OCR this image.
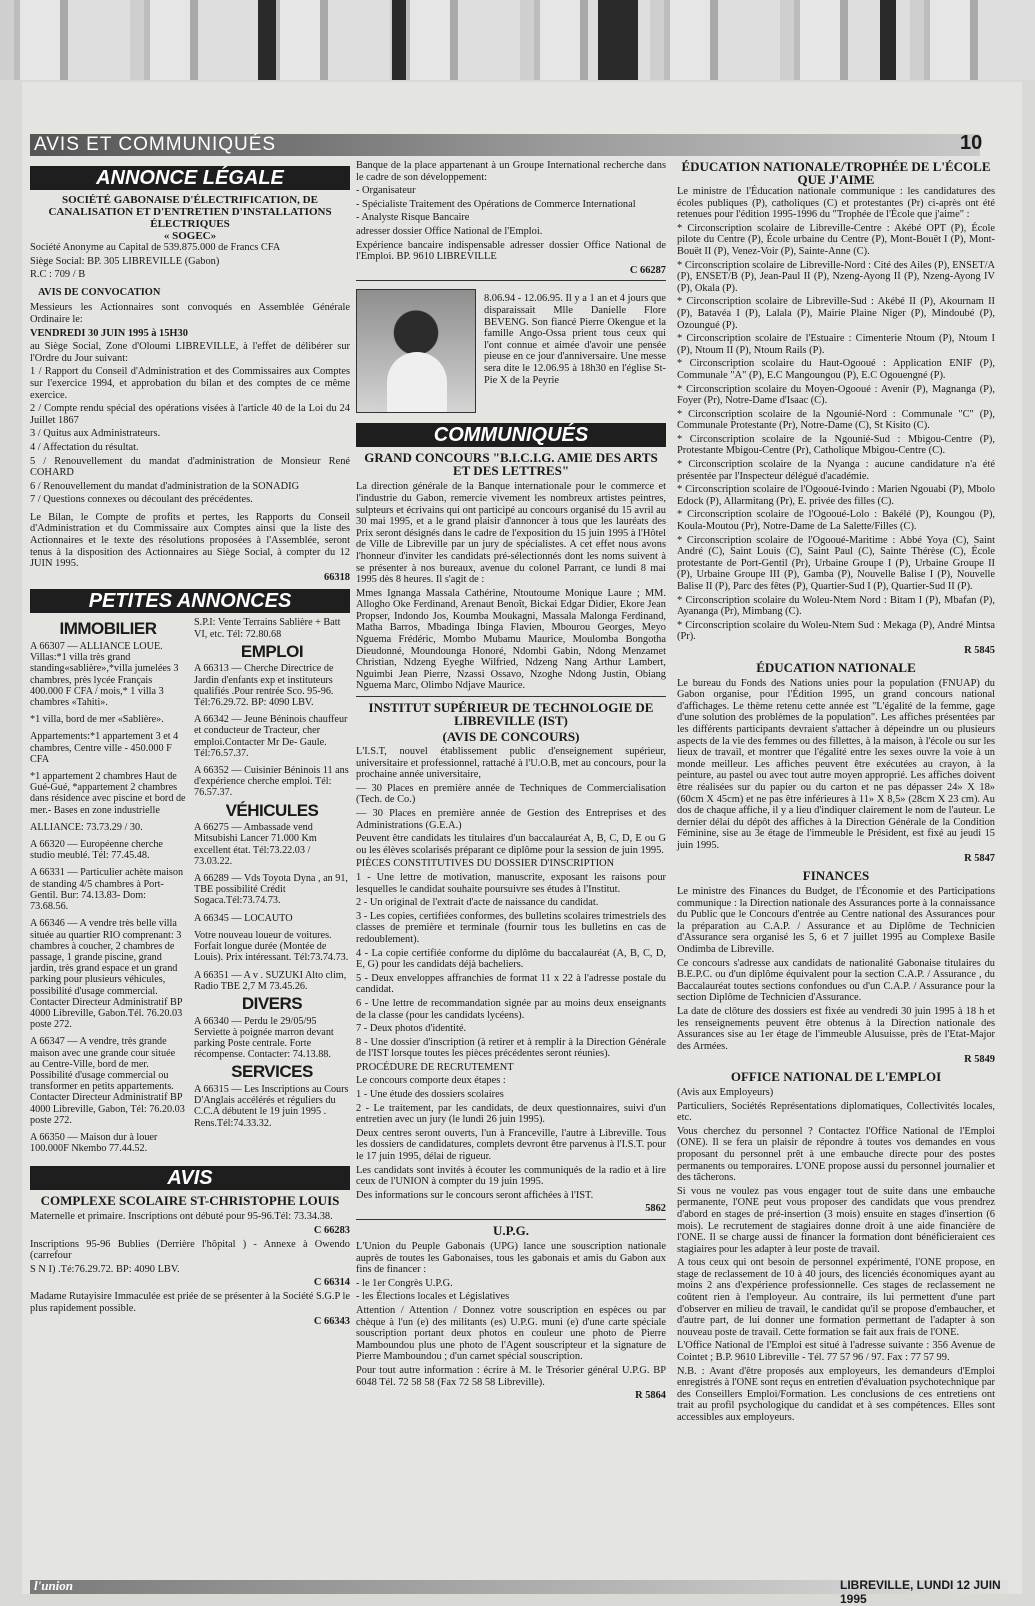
AVIS ET COMMUNIQUÉS	10
ANNONCE LÉGALE
SOCIÉTÉ GABONAISE D'ÉLECTRIFICATION, DE CANALISATION ET D'ENTRETIEN D'INSTALLATIONS ÉLECTRIQUES
« SOGEC»

Société Anonyme au Capital de 539.875.000 de Francs CFA

Siège Social: BP. 305 LIBREVILLE (Gabon)

R.C : 709 / B

AVIS DE CONVOCATION

Messieurs les Actionnaires sont convoqués en Assemblée Générale Ordinaire le:

VENDREDI 30 JUIN 1995 à 15H30

au Siège Social, Zone d'Oloumi LIBREVILLE, à l'effet de délibérer sur l'Ordre du Jour suivant:

1 / Rapport du Conseil d'Administration et des Commissaires aux Comptes sur l'exercice 1994, et approbation du bilan et des comptes de ce même exercice.

2 / Compte rendu spécial des opérations visées à l'article 40 de la Loi du 24 Juillet 1867

3 / Quitus aux Administrateurs.

4 / Affectation du résultat.

5 / Renouvellement du mandat d'administration de Monsieur René COHARD

6 / Renouvellement du mandat d'administration de la SONADIG

7 / Questions connexes ou découlant des précédentes.

Le Bilan, le Compte de profits et pertes, les Rapports du Conseil d'Administration et du Commissaire aux Comptes ainsi que la liste des Actionnaires et le texte des résolutions proposées à l'Assemblée, seront tenus à la disposition des Actionnaires au Siège Social, à compter du 12 JUIN 1995.

66318

PETITES ANNONCES
IMMOBILIER
A 66307 — ALLIANCE LOUE. Villas:*1 villa très grand standing«sablière»,*villa jumelées 3 chambres, près lycée Français 400.000 F CFA / mois,* 1 villa 3 chambres «Tahiti».
*1 villa, bord de mer «Sablière».
Appartements:*1 appartement 3 et 4 chambres, Centre ville - 450.000 F CFA
*1 appartement 2 chambres Haut de Gué-Gué, *appartement 2 chambres dans résidence avec piscine et bord de mer.- Bases en zone industrielle
ALLIANCE: 73.73.29 / 30.
A 66320 — Européenne cherche studio meublé. Tél: 77.45.48.
A 66331 — Particulier achète maison de standing 4/5 chambres à Port- Gentil. Bur: 74.13.83- Dom: 73.68.56.
A 66346 — A vendre très belle villa située au quartier RIO comprenant: 3 chambres à coucher, 2 chambres de passage, 1 grande piscine, grand jardin, très grand espace et un grand parking pour plusieurs véhicules, possibilité d'usage commercial. Contacter Directeur Administratif BP 4000 Libreville, Gabon.Tél. 76.20.03 poste 272.
A 66347 — A vendre, très grande maison avec une grande cour située au Centre-Ville, bord de mer. Possibilité d'usage commercial ou transformer en petits appartements. Contacter Directeur Administratif BP 4000 Libreville, Gabon, Tél: 76.20.03 poste 272.
A 66350 — Maison dur à louer 100.000F Nkembo 77.44.52.
S.P.I: Vente Terrains Sablière + Batt VI, etc. Tél: 72.80.68
EMPLOI
A 66313 — Cherche Directrice de Jardin d'enfants exp et instituteurs qualifiés .Pour rentrée Sco. 95-96. Tél:76.29.72. BP: 4090 LBV.
A 66342 — Jeune Béninois chauffeur et conducteur de Tracteur, cher emploi.Contacter Mr De- Gaule. Tél:76.57.37.
A 66352 — Cuisinier Béninois 11 ans d'expérience cherche emploi. Tél: 76.57.37.
VÉHICULES
A 66275 — Ambassade vend Mitsubishi Lancer 71.000 Km excellent état. Tél:73.22.03 / 73.03.22.
A 66289 — Vds Toyota Dyna , an 91, TBE possibilité Crédit Sogaca.Tél:73.74.73.
A 66345 — LOCAUTO
Votre nouveau loueur de voitures. Forfait longue durée (Montée de Louis). Prix intéressant. Tél:73.74.73.
A 66351 — A v . SUZUKI Alto clim, Radio TBE 2,7 M 73.45.26.
DIVERS
A 66340 — Perdu le 29/05/95 Serviette à poignée marron devant parking Poste centrale. Forte récompense. Contacter: 74.13.88.
SERVICES
A 66315 — Les Inscriptions au Cours D'Anglais accélérés et réguliers du C.C.A débutent le 19 juin 1995 . Rens.Tél:74.33.32.
AVIS
COMPLEXE SCOLAIRE ST-CHRISTOPHE LOUIS

Maternelle et primaire. Inscriptions ont débuté pour 95-96.Tél: 73.34.38.

C 66283

Inscriptions 95-96 Bublies (Derrière l'hôpital ) - Annexe à Owendo (carrefour

S N I) .Té:76.29.72. BP: 4090 LBV.

C 66314

Madame Rutayisire Immaculée est priée de se présenter à la Société S.G.P le plus rapidement possible.

C 66343

Banque de la place appartenant à un Groupe International recherche dans le cadre de son développement:

- Organisateur

- Spécialiste Traitement des Opérations de Commerce International

- Analyste Risque Bancaire

adresser dossier Office National de l'Emploi.

Expérience bancaire indispensable adresser dossier Office National de l'Emploi. BP. 9610 LIBREVILLE

C 66287

8.06.94 - 12.06.95. Il y a 1 an et 4 jours que disparaissait Mlle Danielle Flore BEVENG. Son fiancé Pierre Okengue et la famille Ango-Ossa prient tous ceux qui l'ont connue et aimée d'avoir une pensée pieuse en ce jour d'anniversaire. Une messe sera dite le 12.06.95 à 18h30 en l'église St-Pie X de la Peyrie

COMMUNIQUÉS
GRAND CONCOURS "B.I.C.I.G. AMIE DES ARTS ET DES LETTRES"

La direction générale de la Banque internationale pour le commerce et l'industrie du Gabon, remercie vivement les nombreux artistes peintres, sulpteurs et écrivains qui ont participé au concours organisé du 15 avril au 30 mai 1995, et a le grand plaisir d'annoncer à tous que les lauréats des Prix seront désignés dans le cadre de l'exposition du 15 juin 1995 à l'Hôtel de Ville de Libreville par un jury de spécialistes. A cet effet nous avons l'honneur d'inviter les candidats pré-sélectionnés dont les noms suivent à se présenter à nos bureaux, avenue du colonel Parrant, ce lundi 8 mai 1995 dès 8 heures. Il s'agit de :

Mmes Ignanga Massala Cathérine, Ntoutoume Monique Laure ; MM. Allogho Oke Ferdinand, Arenaut Benoît, Bickai Edgar Didier, Ekore Jean Propser, Indondo Jos, Koumba Moukagni, Massala Malonga Ferdinand, Matha Barros, Mbadinga Ibinga Flavien, Mbourou Georges, Meyo Nguema Frédéric, Mombo Mubamu Maurice, Moulomba Bongotha Dieudonné, Moundounga Honoré, Ndombi Gabin, Ndong Menzamet Christian, Ndzeng Eyeghe Wilfried, Ndzeng Nang Arthur Lambert, Nguimbi Jean Pierre, Nzassi Ossavo, Nzoghe Ndong Justin, Obiang Nguema Marc, Olimbo Ndjave Maurice.

INSTITUT SUPÉRIEUR DE TECHNOLOGIE DE LIBREVILLE (IST)
(AVIS DE CONCOURS)

L'I.S.T, nouvel établissement public d'enseignement supérieur, universitaire et professionnel, rattaché à l'U.O.B, met au concours, pour la prochaine année universitaire,

— 30 Places en première année de Techniques de Commercialisation (Tech. de Co.)

— 30 Places en première année de Gestion des Entreprises et des Administrations (G.E.A.)

Peuvent être candidats les titulaires d'un baccalauréat A, B, C, D, E ou G ou les élèves scolarisés préparant ce diplôme pour la session de juin 1995.

PIÈCES CONSTITUTIVES DU DOSSIER D'INSCRIPTION

1 - Une lettre de motivation, manuscrite, exposant les raisons pour lesquelles le candidat souhaite poursuivre ses études à l'Institut.

2 - Un original de l'extrait d'acte de naissance du candidat.

3 - Les copies, certifiées conformes, des bulletins scolaires trimestriels des classes de première et terminale (fournir tous les bulletins en cas de redoublement).

4 - La copie certifiée conforme du diplôme du baccalauréat (A, B, C, D, E, G) pour les candidats déjà bacheliers.

5 - Deux enveloppes affranchies de format 11 x 22 à l'adresse postale du candidat.

6 - Une lettre de recommandation signée par au moins deux enseignants de la classe (pour les candidats lycéens).

7 - Deux photos d'identité.

8 - Une dossier d'inscription (à retirer et à remplir à la Direction Générale de l'IST lorsque toutes les pièces précédentes seront réunies).

PROCÉDURE DE RECRUTEMENT

Le concours comporte deux étapes :

1 - Une étude des dossiers scolaires

2 - Le traitement, par les candidats, de deux questionnaires, suivi d'un entretien avec un jury (le lundi 26 juin 1995).

Deux centres seront ouverts, l'un à Franceville, l'autre à Libreville. Tous les dossiers de candidatures, complets devront être parvenus à l'I.S.T. pour le 17 juin 1995, délai de rigueur.

Les candidats sont invités à écouter les communiqués de la radio et à lire ceux de l'UNION à compter du 19 juin 1995.

Des informations sur le concours seront affichées à l'IST.

5862

U.P.G.

L'Union du Peuple Gabonais (UPG) lance une souscription nationale auprès de toutes les Gabonaises, tous les gabonais et amis du Gabon aux fins de financer :

- le 1er Congrès U.P.G.

- les Élections locales et Législatives

Attention / Attention / Donnez votre souscription en espèces ou par chèque à l'un (e) des militants (es) U.P.G. muni (e) d'une carte spéciale souscription portant deux photos en couleur une photo de Pierre Mamboundou plus une photo de l'Agent souscripteur et la signature de Pierre Mamboundou ; d'un carnet spécial souscription.

Pour tout autre information : écrire à M. le Trésorier général U.P.G. BP 6048 Tél. 72 58 58 (Fax 72 58 58 Libreville).

R 5864

ÉDUCATION NATIONALE/TROPHÉE DE L'ÉCOLE QUE J'AIME

Le ministre de l'Éducation nationale communique : les candidatures des écoles publiques (P), catholiques (C) et protestantes (Pr) ci-après ont été retenues pour l'édition 1995-1996 du "Trophée de l'École que j'aime" :

* Circonscription scolaire de Libreville-Centre : Akébé OPT (P), École pilote du Centre (P), École urbaine du Centre (P), Mont-Bouët I (P), Mont-Bouët II (P), Venez-Voir (P), Sainte-Anne (C).

* Circonscription scolaire de Libreville-Nord : Cité des Ailes (P), ENSET/A (P), ENSET/B (P), Jean-Paul II (P), Nzeng-Ayong II (P), Nzeng-Ayong IV (P), Okala (P).

* Circonscription scolaire de Libreville-Sud : Akébé II (P), Akournam II (P), Batavéa I (P), Lalala (P), Mairie Plaine Niger (P), Mindoubé (P), Ozoungué (P).

* Circonscription scolaire de l'Estuaire : Cimenterie Ntoum (P), Ntoum I (P), Ntoum II (P), Ntoum Rails (P).

* Circonscription scolaire du Haut-Ogooué : Application ENIF (P), Communale "A" (P), E.C Mangoungou (P), E.C Ogouengné (P).

* Circonscription scolaire du Moyen-Ogooué : Avenir (P), Magnanga (P), Foyer (Pr), Notre-Dame d'Isaac (C).

* Circonscription scolaire de la Ngounié-Nord : Communale "C" (P), Communale Protestante (Pr), Notre-Dame (C), St Kisito (C).

* Circonscription scolaire de la Ngounié-Sud : Mbigou-Centre (P), Protestante Mbigou-Centre (Pr), Catholique Mbigou-Centre (C).

* Circonscription scolaire de la Nyanga : aucune candidature n'a été présentée par l'Inspecteur délégué d'académie.

* Circonscription scolaire de l'Ogooué-Ivindo : Marien Ngouabi (P), Mbolo Edock (P), Allarmitang (Pr), E. privée des filles (C).

* Circonscription scolaire de l'Ogooué-Lolo : Bakélé (P), Koungou (P), Koula-Moutou (Pr), Notre-Dame de La Salette/Filles (C).

* Circonscription scolaire de l'Ogooué-Maritime : Abbé Yoya (C), Saint André (C), Saint Louis (C), Saint Paul (C), Sainte Thérèse (C), École protestante de Port-Gentil (Pr), Urbaine Groupe I (P), Urbaine Groupe II (P), Urbaine Groupe III (P), Gamba (P), Nouvelle Balise I (P), Nouvelle Balise II (P), Parc des fêtes (P), Quartier-Sud I (P), Quartier-Sud II (P).

* Circonscription scolaire du Woleu-Ntem Nord : Bitam I (P), Mbafan (P), Ayananga (Pr), Mimbang (C).

* Circonscription scolaire du Woleu-Ntem Sud : Mekaga (P), André Mintsa (Pr).

R 5845

ÉDUCATION NATIONALE

Le bureau du Fonds des Nations unies pour la population (FNUAP) du Gabon organise, pour l'Édition 1995, un grand concours national d'affichages. Le thème retenu cette année est "L'égalité de la femme, gage d'une solution des problèmes de la population". Les affiches présentées par les différents participants devraient s'attacher à dépeindre un ou plusieurs aspects de la vie des femmes ou des fillettes, à la maison, à l'école ou sur les lieux de travail, et montrer que l'égalité entre les sexes ouvre la voie à un monde meilleur. Les affiches peuvent être exécutées au crayon, à la peinture, au pastel ou avec tout autre moyen approprié. Les affiches doivent être réalisées sur du papier ou du carton et ne pas dépasser 24» X 18» (60cm X 45cm) et ne pas être inférieures à 11» X 8,5» (28cm X 23 cm). Au dos de chaque affiche, il y a lieu d'indiquer clairement le nom de l'auteur. Le dernier délai du dépôt des affiches à la Direction Générale de la Condition Féminine, sise au 3e étage de l'immeuble le Président, est fixé au jeudi 15 juin 1995.

R 5847

FINANCES

Le ministre des Finances du Budget, de l'Économie et des Participations communique : la Direction nationale des Assurances porte à la connaissance du Public que le Concours d'entrée au Centre national des Assurances pour la préparation au C.A.P. / Assurance et au Diplôme de Technicien d'Assurance sera organisé les 5, 6 et 7 juillet 1995 au Complexe Basile Ondimba de Libreville.

Ce concours s'adresse aux candidats de nationalité Gabonaise titulaires du B.E.P.C. ou d'un diplôme équivalent pour la section C.A.P. / Assurance , du Baccalauréat toutes sections confondues ou d'un C.A.P. / Assurance pour la section Diplôme de Technicien d'Assurance.

La date de clôture des dossiers est fixée au vendredi 30 juin 1995 à 18 h et les renseignements peuvent être obtenus à la Direction nationale des Assurances sise au 1er étage de l'immeuble Alusuisse, près de l'Etat-Major des Armées.

R 5849

OFFICE NATIONAL DE L'EMPLOI

(Avis aux Employeurs)

Particuliers, Sociétés Représentations diplomatiques, Collectivités locales, etc.

Vous cherchez du personnel ? Contactez l'Office National de l'Emploi (ONE). Il se fera un plaisir de répondre à toutes vos demandes en vous proposant du personnel prêt à une embauche directe pour des postes permanents ou temporaires. L'ONE propose aussi du personnel journalier et des tâcherons.

Si vous ne voulez pas vous engager tout de suite dans une embauche permanente, l'ONE peut vous proposer des candidats que vous prendrez d'abord en stages de pré-insertion (3 mois) ensuite en stages d'insertion (6 mois). Le recrutement de stagiaires donne droit à une aide financière de l'ONE. Il se charge aussi de financer la formation dont bénéficieraient ces stagiaires pour les adapter à leur poste de travail.

A tous ceux qui ont besoin de personnel expérimenté, l'ONE propose, en stage de reclassement de 10 à 40 jours, des licenciés économiques ayant au moins 2 ans d'expérience professionnelle. Ces stages de reclassement ne coûtent rien à l'employeur. Au contraire, ils lui permettent d'une part d'observer en milieu de travail, le candidat qu'il se propose d'embaucher, et d'autre part, de lui donner une formation permettant de l'adapter à son nouveau poste de travail. Cette formation se fait aux frais de l'ONE.

L'Office National de l'Emploi est situé à l'adresse suivante : 356 Avenue de Cointet ; B.P. 9610 Libreville - Tél. 77 57 96 / 97. Fax : 77 57 99.

N.B. : Avant d'être proposés aux employeurs, les demandeurs d'Emploi enregistrés à l'ONE sont reçus en entretien d'évaluation psychotechnique par des Conseillers Emploi/Formation. Les conclusions de ces entretiens ont trait au profil psychologique du candidat et à ses compétences. Elles sont accessibles aux employeurs.

l'union	LIBREVILLE, LUNDI 12 JUIN 1995
